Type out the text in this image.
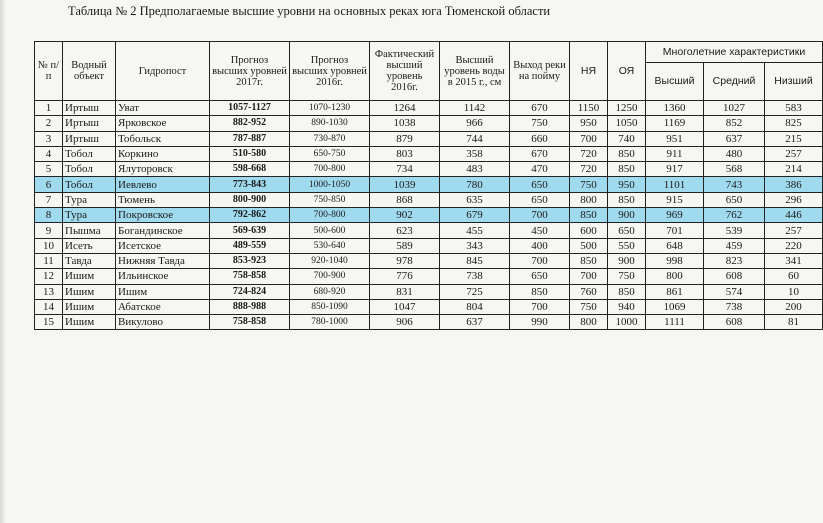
Таблица № 2 Предполагаемые высшие уровни на основных реках юга Тюменской области
№ п/п	Водный объект	Гидропост	Прогноз высших уровней 2017г.	Прогноз высших уровней 2016г.	Фактический высший уровень 2016г.	Высший уровень воды в 2015 г., см	Выход реки на пойму	НЯ	ОЯ	Многолетние характеристики		
										Высший	Средний	Низший
1	Иртыш	Уват	1057-1127	1070-1230	1264	1142	670	1150	1250	1360	1027	583
2	Иртыш	Ярковское	882-952	890-1030	1038	966	750	950	1050	1169	852	825
3	Иртыш	Тобольск	787-887	730-870	879	744	660	700	740	951	637	215
4	Тобол	Коркино	510-580	650-750	803	358	670	720	850	911	480	257
5	Тобол	Ялуторовск	598-668	700-800	734	483	470	720	850	917	568	214
6	Тобол	Иевлево	773-843	1000-1050	1039	780	650	750	950	1101	743	386
7	Тура	Тюмень	800-900	750-850	868	635	650	800	850	915	650	296
8	Тура	Покровское	792-862	700-800	902	679	700	850	900	969	762	446
9	Пышма	Богандинское	569-639	500-600	623	455	450	600	650	701	539	257
10	Исеть	Исетское	489-559	530-640	589	343	400	500	550	648	459	220
11	Тавда	Нижняя Тавда	853-923	920-1040	978	845	700	850	900	998	823	341
12	Ишим	Ильинское	758-858	700-900	776	738	650	700	750	800	608	60
13	Ишим	Ишим	724-824	680-920	831	725	850	760	850	861	574	10
14	Ишим	Абатское	888-988	850-1090	1047	804	700	750	940	1069	738	200
15	Ишим	Викулово	758-858	780-1000	906	637	990	800	1000	1111	608	81
